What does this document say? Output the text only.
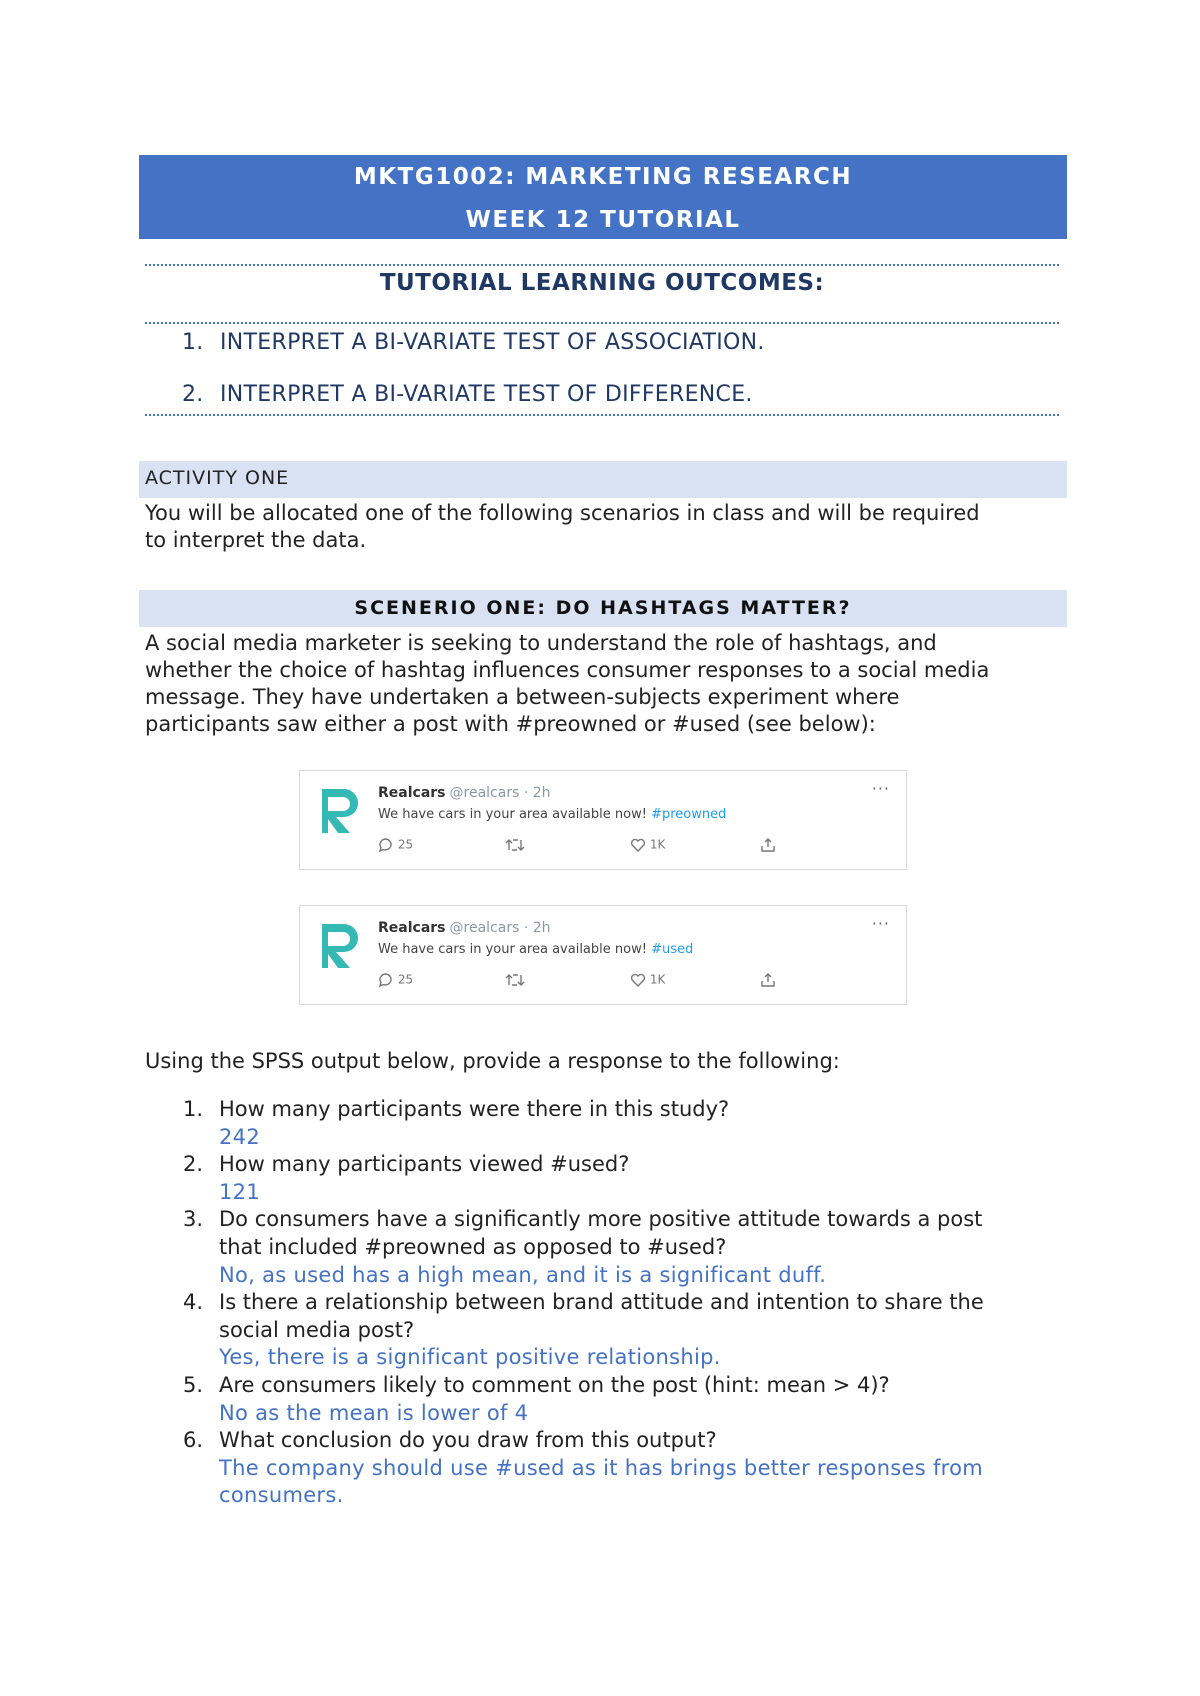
MKTG1002: MARKETING RESEARCH
WEEK 12 TUTORIAL
TUTORIAL LEARNING OUTCOMES:
1. INTERPRET A BI-VARIATE TEST OF ASSOCIATION.
2. INTERPRET A BI-VARIATE TEST OF DIFFERENCE.
ACTIVITY ONE
You will be allocated one of the following scenarios in class and will be required
to interpret the data.
SCENERIO ONE: DO HASHTAGS MATTER?
A social media marketer is seeking to understand the role of hashtags, and
whether the choice of hashtag influences consumer responses to a social media
message. They have undertaken a between-subjects experiment where
participants saw either a post with #preowned or #used (see below):
Realcars @realcars · 2h	···
We have cars in your area available now! #preowned
25	1K
Realcars @realcars · 2h	···
We have cars in your area available now! #used
25	1K
Using the SPSS output below, provide a response to the following:
1. How many participants were there in this study?
242
2. How many participants viewed #used?
121
3. Do consumers have a significantly more positive attitude towards a post
that included #preowned as opposed to #used?
No, as used has a high mean, and it is a significant duff.
4. Is there a relationship between brand attitude and intention to share the
social media post?
Yes, there is a significant positive relationship.
5. Are consumers likely to comment on the post (hint: mean > 4)?
No as the mean is lower of 4
6. What conclusion do you draw from this output?
The company should use #used as it has brings better responses from
consumers.
